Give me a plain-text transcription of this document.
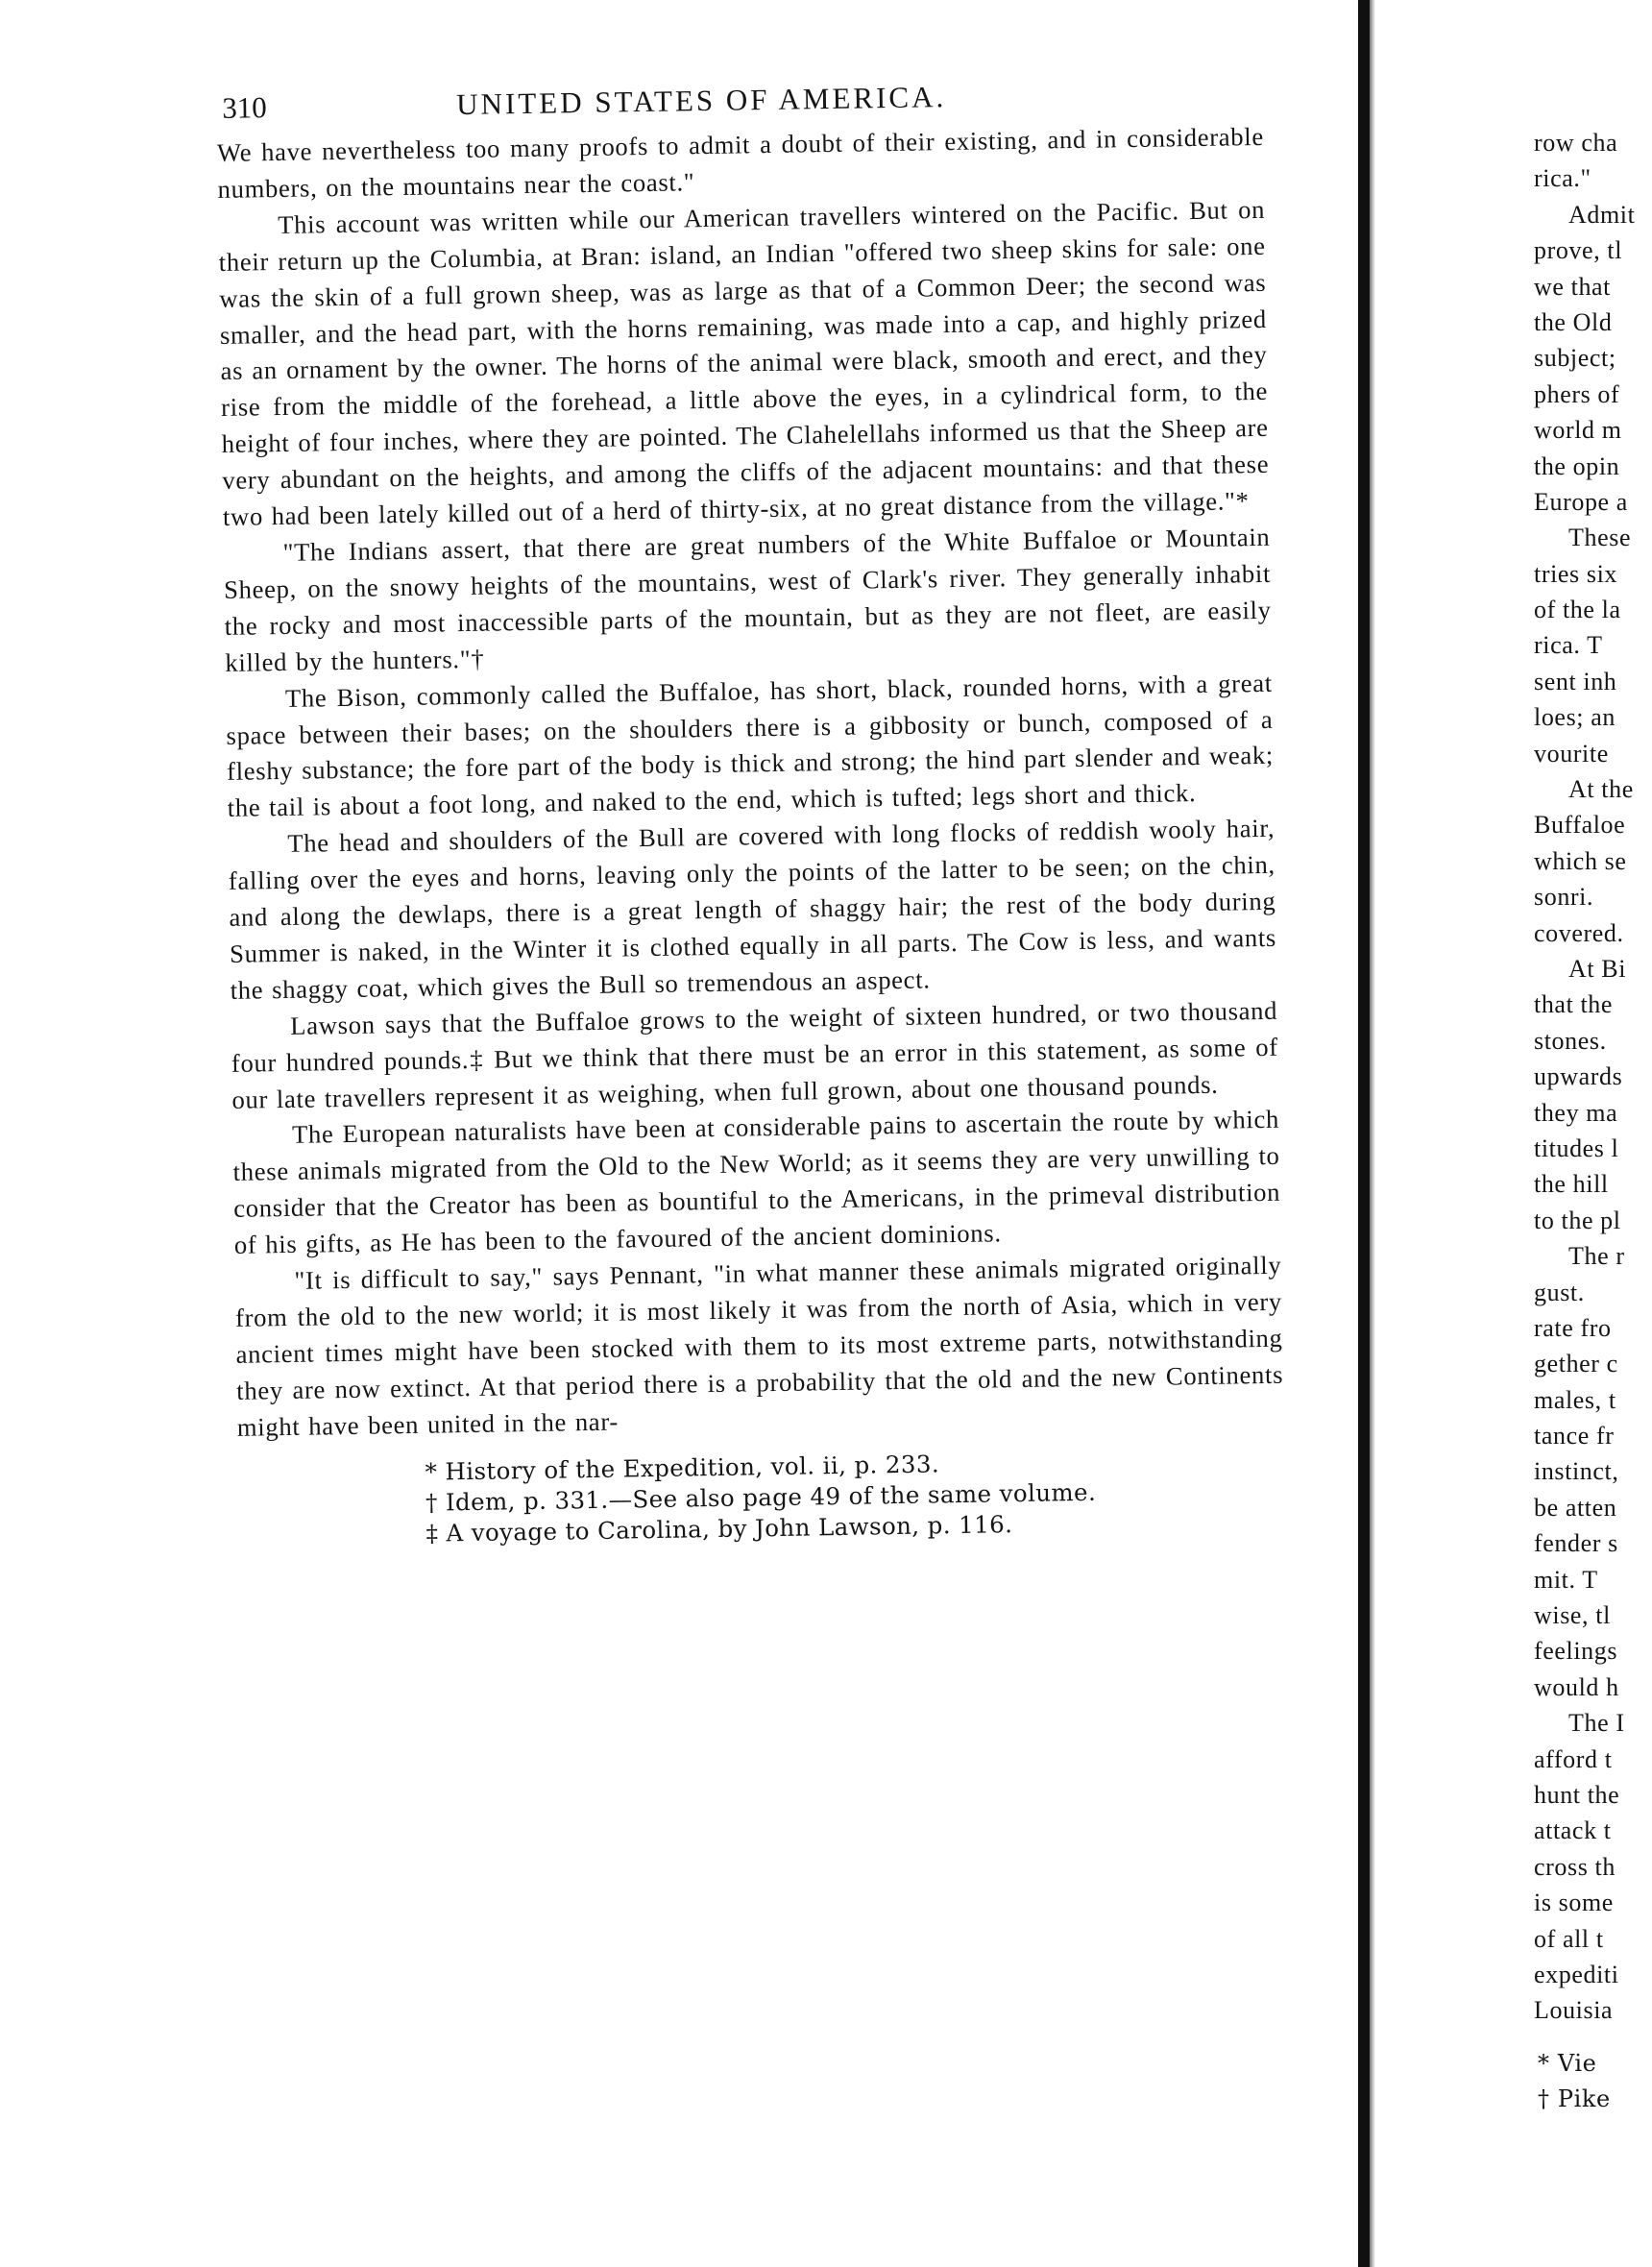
310	UNITED STATES OF AMERICA.

We have nevertheless too many proofs to admit a doubt of their existing, and in considerable numbers, on the mountains near the coast."

This account was written while our American travellers wintered on the Pacific. But on their return up the Columbia, at Bran: island, an Indian "offered two sheep skins for sale: one was the skin of a full grown sheep, was as large as that of a Common Deer; the second was smaller, and the head part, with the horns remaining, was made into a cap, and highly prized as an ornament by the owner. The horns of the animal were black, smooth and erect, and they rise from the middle of the forehead, a little above the eyes, in a cylindrical form, to the height of four inches, where they are pointed. The Clahelellahs informed us that the Sheep are very abundant on the heights, and among the cliffs of the adjacent mountains: and that these two had been lately killed out of a herd of thirty-six, at no great distance from the village."*

"The Indians assert, that there are great numbers of the White Buffaloe or Mountain Sheep, on the snowy heights of the mountains, west of Clark's river. They generally inhabit the rocky and most inaccessible parts of the mountain, but as they are not fleet, are easily killed by the hunters."†

The Bison, commonly called the Buffaloe, has short, black, rounded horns, with a great space between their bases; on the shoulders there is a gibbosity or bunch, composed of a fleshy substance; the fore part of the body is thick and strong; the hind part slender and weak; the tail is about a foot long, and naked to the end, which is tufted; legs short and thick.

The head and shoulders of the Bull are covered with long flocks of reddish wooly hair, falling over the eyes and horns, leaving only the points of the latter to be seen; on the chin, and along the dewlaps, there is a great length of shaggy hair; the rest of the body during Summer is naked, in the Winter it is clothed equally in all parts. The Cow is less, and wants the shaggy coat, which gives the Bull so tremendous an aspect.

Lawson says that the Buffaloe grows to the weight of sixteen hundred, or two thousand four hundred pounds.‡ But we think that there must be an error in this statement, as some of our late travellers represent it as weighing, when full grown, about one thousand pounds.

The European naturalists have been at considerable pains to ascertain the route by which these animals migrated from the Old to the New World; as it seems they are very unwilling to consider that the Creator has been as bountiful to the Americans, in the primeval distribution of his gifts, as He has been to the favoured of the ancient dominions.

"It is difficult to say," says Pennant, "in what manner these animals migrated originally from the old to the new world; it is most likely it was from the north of Asia, which in very ancient times might have been stocked with them to its most extreme parts, notwithstanding they are now extinct. At that period there is a probability that the old and the new Continents might have been united in the nar-

* History of the Expedition, vol. ii, p. 233.
† Idem, p. 331.—See also page 49 of the same volume.
‡ A voyage to Carolina, by John Lawson, p. 116.
row cha
rica."
Admit
prove, tl
we that
the Old
subject;
phers of
world m
the opin
Europe a
These
tries six
of the la
rica. T
sent inh
loes; an
vourite
At the
Buffaloe
which se
sonri.
covered.
At Bi
that the
stones.
upwards
they ma
titudes l
the hill
to the pl
The r
gust.
rate fro
gether c
males, t
tance fr
instinct,
be atten
fender s
mit. T
wise, tl
feelings
would h
The I
afford t
hunt the
attack t
cross th
is some
of all t
expediti
Louisia
* Vie
† Pike
